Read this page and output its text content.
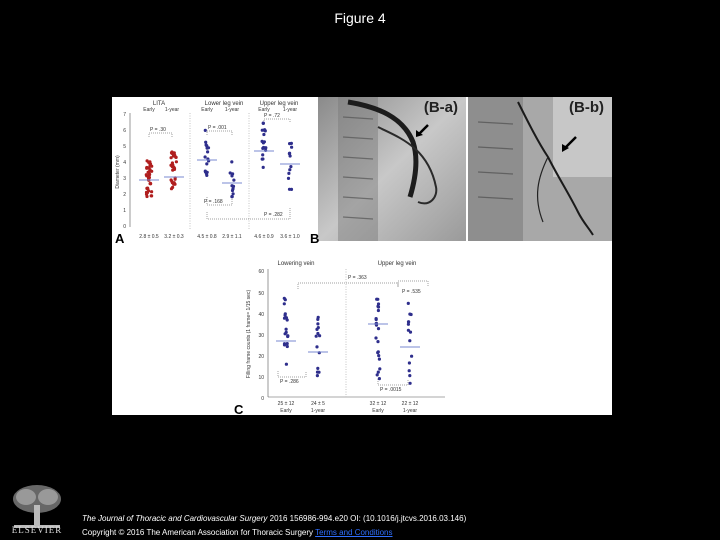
Figure 4
LITA	Lower leg vein	Upper leg vein
Early 1-year	Early 1-year	Early	1-year
Diameter (mm)
7
6
5
4
3
2
1
0
P = .30	P = .001
P = .72
P = .168
P = .282
2.8 ± 0.5 3.2 ± 0.3	4.5 ± 0.8 2.9 ± 1.1	4.6 ± 0.9 3.6 ± 1.0
A
(B-a)	(B-b)
B
Lowering vein	Upper leg vein
Filling frame counts (1 frame= 1/15 sec)
60
50
40
30
20
10
0
P = .363
P = .535
P = .286
P = .0015
25 ± 12	24 ± 5	32 ± 12	22 ± 12
Early	1-year	Early	1-year
C
ELSEVIER
The Journal of Thoracic and Cardiovascular Surgery 2016 156986-994.e20 OI: (10.1016/j.jtcvs.2016.03.146)
Copyright © 2016 The American Association for Thoracic Surgery Terms and Conditions
